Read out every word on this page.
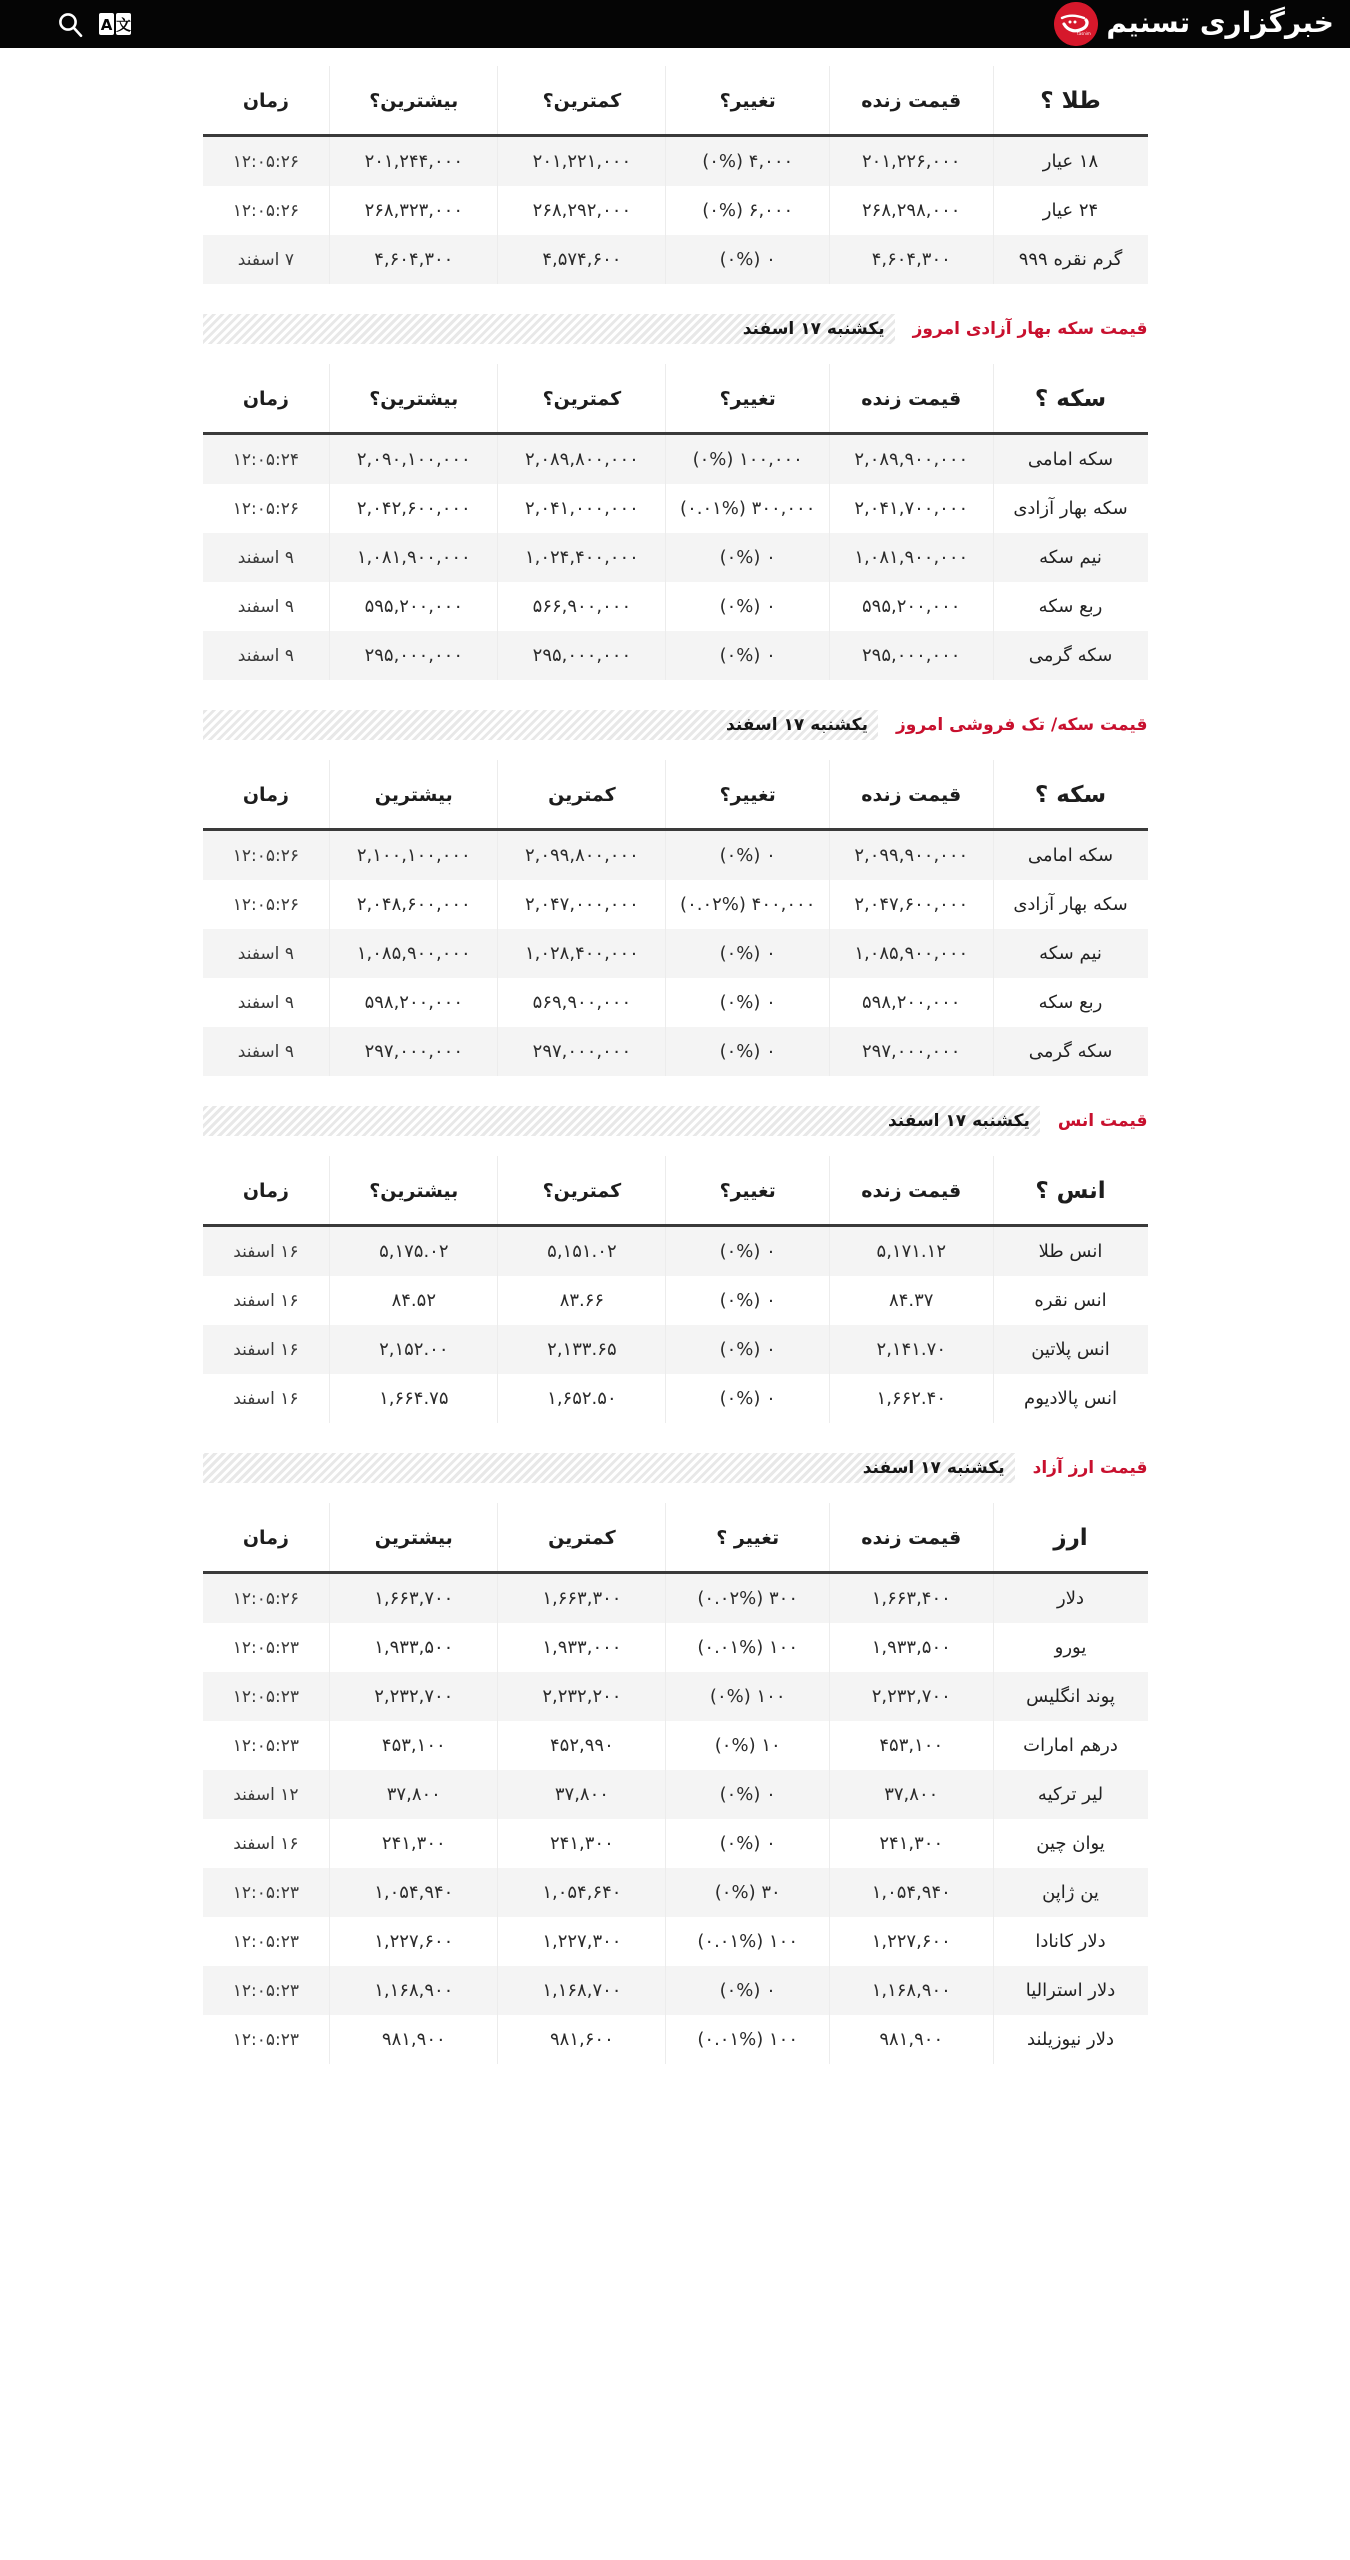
A 文	خبرگزاری تسنیم
tasnim
طلا ؟	قیمت زنده	تغییر؟	کمترین؟	بیشترین؟	زمان
۱۸ عیار	۲۰۱,۲۲۶,۰۰۰	۴,۰۰۰ (۰%)	۲۰۱,۲۲۱,۰۰۰	۲۰۱,۲۴۴,۰۰۰	۱۲:۰۵:۲۶
۲۴ عیار	۲۶۸,۲۹۸,۰۰۰	۶,۰۰۰ (۰%)	۲۶۸,۲۹۲,۰۰۰	۲۶۸,۳۲۳,۰۰۰	۱۲:۰۵:۲۶
گرم نقره ۹۹۹	۴,۶۰۴,۳۰۰	۰ (۰%)	۴,۵۷۴,۶۰۰	۴,۶۰۴,۳۰۰	۷ اسفند
قیمت سکه بهار آزادی امروز
یکشنبه ۱۷ اسفند
سکه ؟	قیمت زنده	تغییر؟	کمترین؟	بیشترین؟	زمان
سکه امامی	۲,۰۸۹,۹۰۰,۰۰۰	۱۰۰,۰۰۰ (۰%)	۲,۰۸۹,۸۰۰,۰۰۰	۲,۰۹۰,۱۰۰,۰۰۰	۱۲:۰۵:۲۴
سکه بهار آزادی	۲,۰۴۱,۷۰۰,۰۰۰	۳۰۰,۰۰۰ (۰.۰۱%)	۲,۰۴۱,۰۰۰,۰۰۰	۲,۰۴۲,۶۰۰,۰۰۰	۱۲:۰۵:۲۶
نیم سکه	۱,۰۸۱,۹۰۰,۰۰۰	۰ (۰%)	۱,۰۲۴,۴۰۰,۰۰۰	۱,۰۸۱,۹۰۰,۰۰۰	۹ اسفند
ربع سکه	۵۹۵,۲۰۰,۰۰۰	۰ (۰%)	۵۶۶,۹۰۰,۰۰۰	۵۹۵,۲۰۰,۰۰۰	۹ اسفند
سکه گرمی	۲۹۵,۰۰۰,۰۰۰	۰ (۰%)	۲۹۵,۰۰۰,۰۰۰	۲۹۵,۰۰۰,۰۰۰	۹ اسفند
قیمت سکه/ تک فروشی امروز
یکشنبه ۱۷ اسفند
سکه ؟	قیمت زنده	تغییر؟	کمترین	بیشترین	زمان
سکه امامی	۲,۰۹۹,۹۰۰,۰۰۰	۰ (۰%)	۲,۰۹۹,۸۰۰,۰۰۰	۲,۱۰۰,۱۰۰,۰۰۰	۱۲:۰۵:۲۶
سکه بهار آزادی	۲,۰۴۷,۶۰۰,۰۰۰	۴۰۰,۰۰۰ (۰.۰۲%)	۲,۰۴۷,۰۰۰,۰۰۰	۲,۰۴۸,۶۰۰,۰۰۰	۱۲:۰۵:۲۶
نیم سکه	۱,۰۸۵,۹۰۰,۰۰۰	۰ (۰%)	۱,۰۲۸,۴۰۰,۰۰۰	۱,۰۸۵,۹۰۰,۰۰۰	۹ اسفند
ربع سکه	۵۹۸,۲۰۰,۰۰۰	۰ (۰%)	۵۶۹,۹۰۰,۰۰۰	۵۹۸,۲۰۰,۰۰۰	۹ اسفند
سکه گرمی	۲۹۷,۰۰۰,۰۰۰	۰ (۰%)	۲۹۷,۰۰۰,۰۰۰	۲۹۷,۰۰۰,۰۰۰	۹ اسفند
قیمت انس
یکشنبه ۱۷ اسفند
انس ؟	قیمت زنده	تغییر؟	کمترین؟	بیشترین؟	زمان
انس طلا	۵,۱۷۱.۱۲	۰ (۰%)	۵,۱۵۱.۰۲	۵,۱۷۵.۰۲	۱۶ اسفند
انس نقره	۸۴.۳۷	۰ (۰%)	۸۳.۶۶	۸۴.۵۲	۱۶ اسفند
انس پلاتین	۲,۱۴۱.۷۰	۰ (۰%)	۲,۱۳۳.۶۵	۲,۱۵۲.۰۰	۱۶ اسفند
انس پالادیوم	۱,۶۶۲.۴۰	۰ (۰%)	۱,۶۵۲.۵۰	۱,۶۶۴.۷۵	۱۶ اسفند
قیمت ارز آزاد
یکشنبه ۱۷ اسفند
ارز	قیمت زنده	تغییر ؟	کمترین	بیشترین	زمان
دلار	۱,۶۶۳,۴۰۰	۳۰۰ (۰.۰۲%)	۱,۶۶۳,۳۰۰	۱,۶۶۳,۷۰۰	۱۲:۰۵:۲۶
یورو	۱,۹۳۳,۵۰۰	۱۰۰ (۰.۰۱%)	۱,۹۳۳,۰۰۰	۱,۹۳۳,۵۰۰	۱۲:۰۵:۲۳
پوند انگلیس	۲,۲۳۲,۷۰۰	۱۰۰ (۰%)	۲,۲۳۲,۲۰۰	۲,۲۳۲,۷۰۰	۱۲:۰۵:۲۳
درهم امارات	۴۵۳,۱۰۰	۱۰ (۰%)	۴۵۲,۹۹۰	۴۵۳,۱۰۰	۱۲:۰۵:۲۳
لیر ترکیه	۳۷,۸۰۰	۰ (۰%)	۳۷,۸۰۰	۳۷,۸۰۰	۱۲ اسفند
یوان چین	۲۴۱,۳۰۰	۰ (۰%)	۲۴۱,۳۰۰	۲۴۱,۳۰۰	۱۶ اسفند
ین ژاپن	۱,۰۵۴,۹۴۰	۳۰ (۰%)	۱,۰۵۴,۶۴۰	۱,۰۵۴,۹۴۰	۱۲:۰۵:۲۳
دلار کانادا	۱,۲۲۷,۶۰۰	۱۰۰ (۰.۰۱%)	۱,۲۲۷,۳۰۰	۱,۲۲۷,۶۰۰	۱۲:۰۵:۲۳
دلار استرالیا	۱,۱۶۸,۹۰۰	۰ (۰%)	۱,۱۶۸,۷۰۰	۱,۱۶۸,۹۰۰	۱۲:۰۵:۲۳
دلار نیوزیلند	۹۸۱,۹۰۰	۱۰۰ (۰.۰۱%)	۹۸۱,۶۰۰	۹۸۱,۹۰۰	۱۲:۰۵:۲۳
